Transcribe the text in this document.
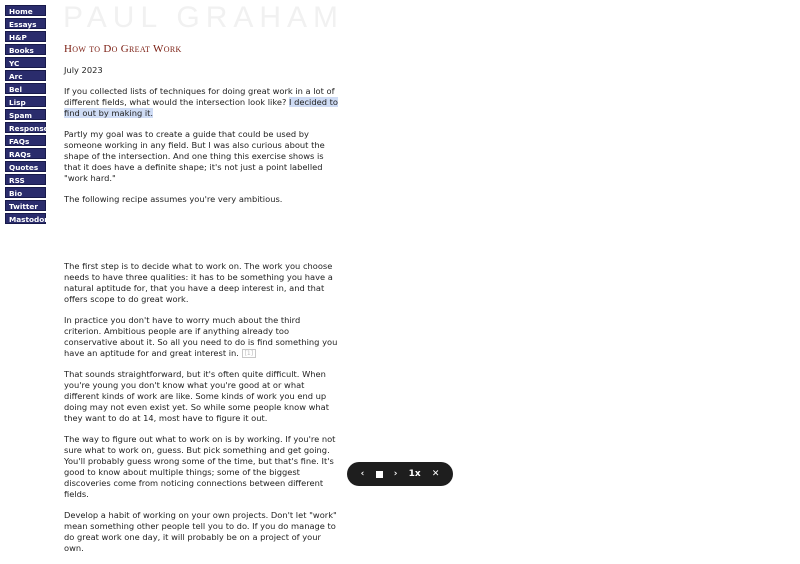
Home
Essays
H&P
Books
YC
Arc
Bel
Lisp
Spam
Responses
FAQs
RAQs
Quotes
RSS
Bio
Twitter
Mastodon
PAUL GRAHAM
How to Do Great Work

July 2023

If you collected lists of techniques for doing great work in a lot of different fields, what would the intersection look like? I decided to find out by making it.

Partly my goal was to create a guide that could be used by someone working in any field. But I was also curious about the shape of the intersection. And one thing this exercise shows is that it does have a definite shape; it's not just a point labelled "work hard."

The following recipe assumes you're very ambitious.

The first step is to decide what to work on. The work you choose needs to have three qualities: it has to be something you have a natural aptitude for, that you have a deep interest in, and that offers scope to do great work.

In practice you don't have to worry much about the third criterion. Ambitious people are if anything already too conservative about it. So all you need to do is find something you have an aptitude for and great interest in. [1]

That sounds straightforward, but it's often quite difficult. When you're young you don't know what you're good at or what different kinds of work are like. Some kinds of work you end up doing may not even exist yet. So while some people know what they want to do at 14, most have to figure it out.

The way to figure out what to work on is by working. If you're not sure what to work on, guess. But pick something and get going. You'll probably guess wrong some of the time, but that's fine. It's good to know about multiple things; some of the biggest discoveries come from noticing connections between different fields.

Develop a habit of working on your own projects. Don't let "work" mean something other people tell you to do. If you do manage to do great work one day, it will probably be on a project of your own.

‹	› 1x ✕
